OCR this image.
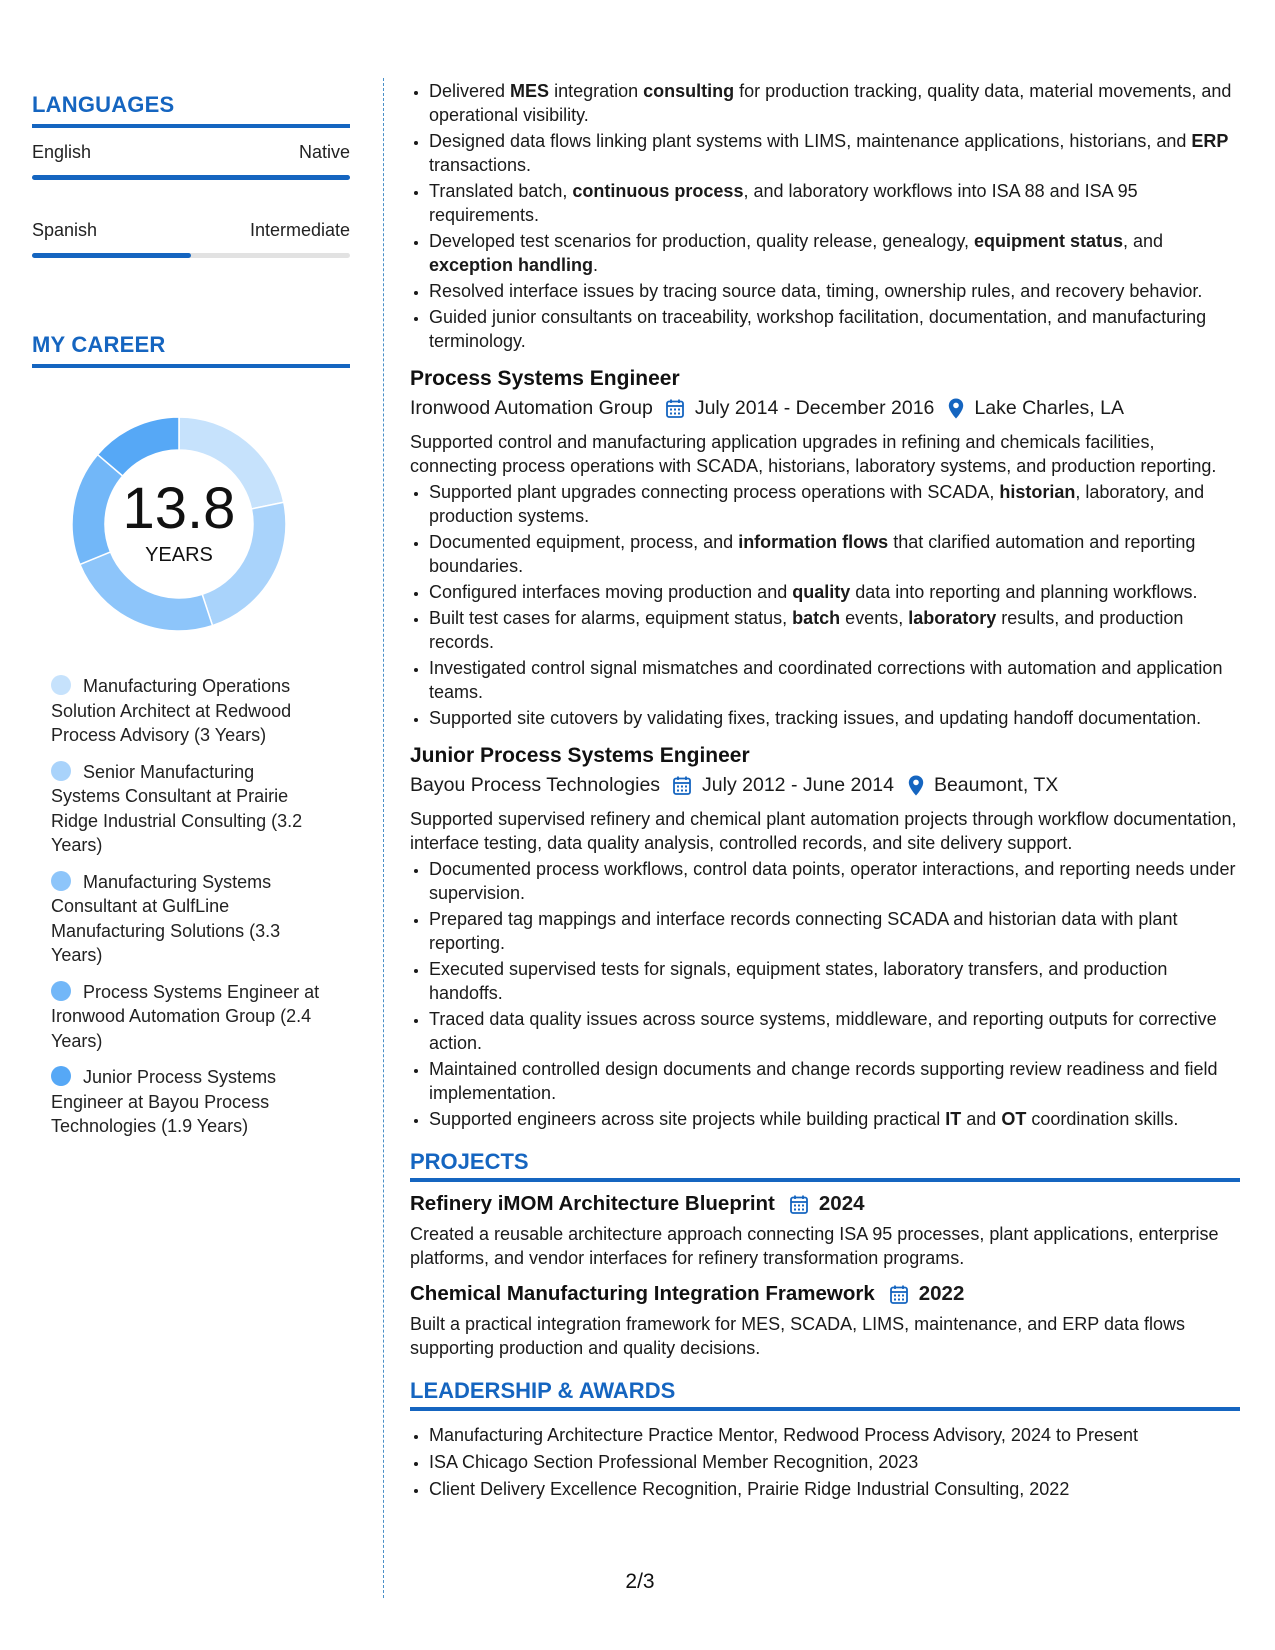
LANGUAGES
English	Native
Spanish	Intermediate
MY CAREER
13.8
YEARS
Manufacturing Operations Solution Architect at Redwood Process Advisory (3 Years)
Senior Manufacturing Systems Consultant at Prairie Ridge Industrial Consulting (3.2 Years)
Manufacturing Systems Consultant at GulfLine Manufacturing Solutions (3.3 Years)
Process Systems Engineer at Ironwood Automation Group (2.4 Years)
Junior Process Systems Engineer at Bayou Process Technologies (1.9 Years)
• Delivered MES integration consulting for production tracking, quality data, material movements, and operational visibility.
• Designed data flows linking plant systems with LIMS, maintenance applications, historians, and ERP transactions.
• Translated batch, continuous process, and laboratory workflows into ISA 88 and ISA 95 requirements.
• Developed test scenarios for production, quality release, genealogy, equipment status, and exception handling.
• Resolved interface issues by tracing source data, timing, ownership rules, and recovery behavior.
• Guided junior consultants on traceability, workshop facilitation, documentation, and manufacturing terminology.
Process Systems Engineer
Ironwood Automation Group July 2014 - December 2016 Lake Charles, LA
Supported control and manufacturing application upgrades in refining and chemicals facilities, connecting process operations with SCADA, historians, laboratory systems, and production reporting.
• Supported plant upgrades connecting process operations with SCADA, historian, laboratory, and production systems.
• Documented equipment, process, and information flows that clarified automation and reporting boundaries.
• Configured interfaces moving production and quality data into reporting and planning workflows.
• Built test cases for alarms, equipment status, batch events, laboratory results, and production records.
• Investigated control signal mismatches and coordinated corrections with automation and application teams.
• Supported site cutovers by validating fixes, tracking issues, and updating handoff documentation.
Junior Process Systems Engineer
Bayou Process Technologies July 2012 - June 2014 Beaumont, TX
Supported supervised refinery and chemical plant automation projects through workflow documentation, interface testing, data quality analysis, controlled records, and site delivery support.
• Documented process workflows, control data points, operator interactions, and reporting needs under supervision.
• Prepared tag mappings and interface records connecting SCADA and historian data with plant reporting.
• Executed supervised tests for signals, equipment states, laboratory transfers, and production handoffs.
• Traced data quality issues across source systems, middleware, and reporting outputs for corrective action.
• Maintained controlled design documents and change records supporting review readiness and field implementation.
• Supported engineers across site projects while building practical IT and OT coordination skills.
PROJECTS
Refinery iMOM Architecture Blueprint 2024
Created a reusable architecture approach connecting ISA 95 processes, plant applications, enterprise platforms, and vendor interfaces for refinery transformation programs.
Chemical Manufacturing Integration Framework 2022
Built a practical integration framework for MES, SCADA, LIMS, maintenance, and ERP data flows supporting production and quality decisions.
LEADERSHIP & AWARDS
• Manufacturing Architecture Practice Mentor, Redwood Process Advisory, 2024 to Present
• ISA Chicago Section Professional Member Recognition, 2023
• Client Delivery Excellence Recognition, Prairie Ridge Industrial Consulting, 2022
2/3
